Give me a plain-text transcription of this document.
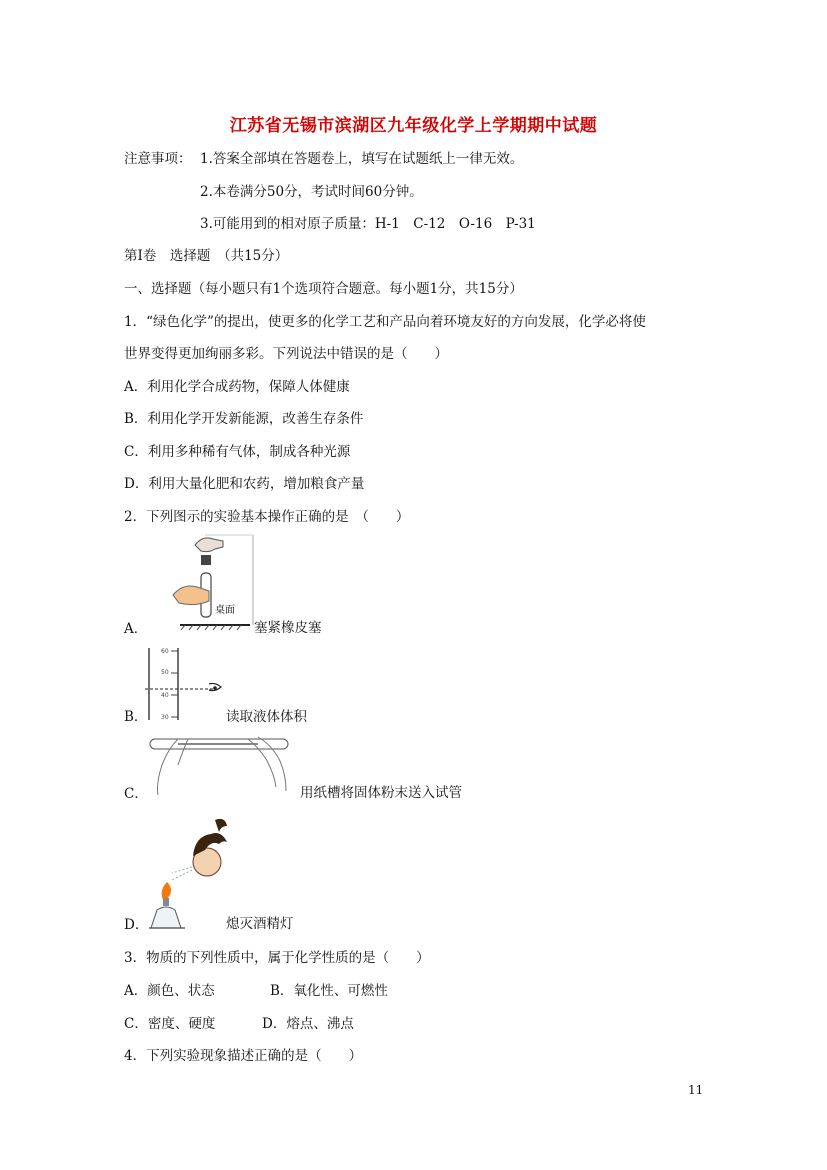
江苏省无锡市滨湖区九年级化学上学期期中试题
注意事项： 1.答案全部填在答题卷上，填写在试题纸上一律无效。
2.本卷满分50分，考试时间60分钟。
3.可能用到的相对原子质量：H-1　C-12　O-16　P-31
第Ⅰ卷　选择题　（共15分）
一、选择题（每小题只有1个选项符合题意。每小题1分，共15分）
1．“绿色化学”的提出，使更多的化学工艺和产品向着环境友好的方向发展，化学必将使
世界变得更加绚丽多彩。下列说法中错误的是（　　）
A．利用化学合成药物，保障人体健康
B．利用化学开发新能源，改善生存条件
C．利用多种稀有气体，制成各种光源
D．利用大量化肥和农药，增加粮食产量
2．下列图示的实验基本操作正确的是　（　　）
A．
桌面
塞紧橡皮塞
B．
60
50
40
30	读取液体体积
C．	用纸槽将固体粉末送入试管
D．	熄灭酒精灯
3．物质的下列性质中，属于化学性质的是（　　）
A．颜色、状态	B．氧化性、可燃性
C．密度、硬度	D．熔点、沸点
4．下列实验现象描述正确的是（　　）
11
